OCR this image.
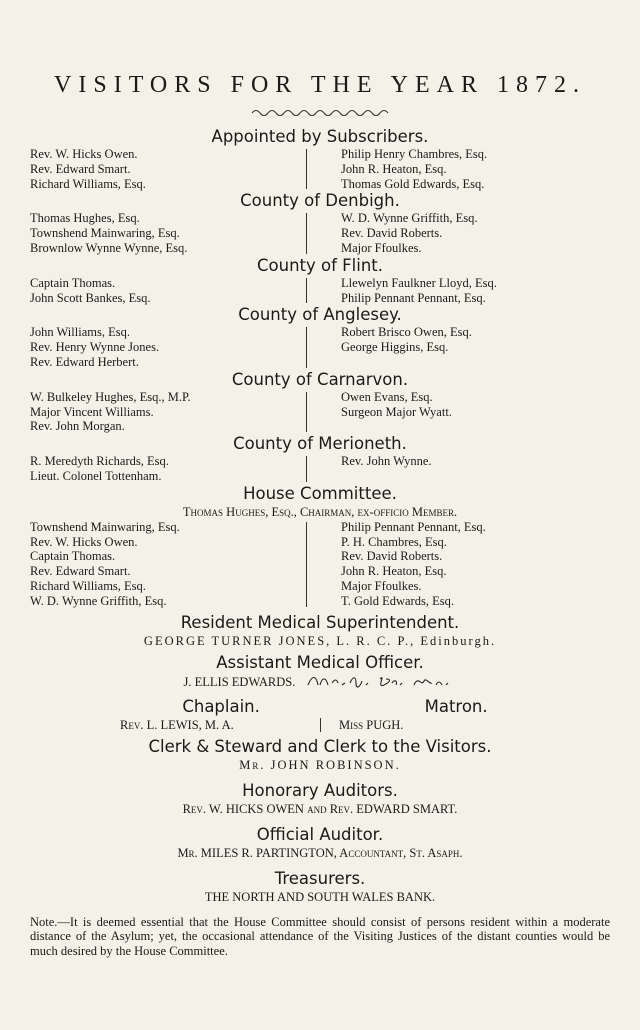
VISITORS FOR THE YEAR 1872.
Appointed by Subscribers.
Rev. W. Hicks Owen.
Rev. Edward Smart.
Richard Williams, Esq.
Philip Henry Chambres, Esq.
John R. Heaton, Esq.
Thomas Gold Edwards, Esq.
County of Denbigh.
Thomas Hughes, Esq.
Townshend Mainwaring, Esq.
Brownlow Wynne Wynne, Esq.
W. D. Wynne Griffith, Esq.
Rev. David Roberts.
Major Ffoulkes.
County of Flint.
Captain Thomas.
John Scott Bankes, Esq.
Llewelyn Faulkner Lloyd, Esq.
Philip Pennant Pennant, Esq.
County of Anglesey.
John Williams, Esq.
Rev. Henry Wynne Jones.
Rev. Edward Herbert.
Robert Brisco Owen, Esq.
George Higgins, Esq.
County of Carnarvon.
W. Bulkeley Hughes, Esq., M.P.
Major Vincent Williams.
Rev. John Morgan.
Owen Evans, Esq.
Surgeon Major Wyatt.
County of Merioneth.
R. Meredyth Richards, Esq.
Lieut. Colonel Tottenham.
Rev. John Wynne.
House Committee.
Thomas Hughes, Esq., Chairman, ex-officio Member.
Townshend Mainwaring, Esq.
Rev. W. Hicks Owen.
Captain Thomas.
Rev. Edward Smart.
Richard Williams, Esq.
W. D. Wynne Griffith, Esq.
Philip Pennant Pennant, Esq.
P. H. Chambres, Esq.
Rev. David Roberts.
John R. Heaton, Esq.
Major Ffoulkes.
T. Gold Edwards, Esq.
Resident Medical Superintendent.
GEORGE TURNER JONES, L. R. C. P., Edinburgh.
Assistant Medical Officer.
J. ELLIS EDWARDS.
Chaplain.	Matron.
Rev. L. LEWIS, M. A.	Miss PUGH.
Clerk & Steward and Clerk to the Visitors.
Mr. JOHN ROBINSON.
Honorary Auditors.
Rev. W. HICKS OWEN and Rev. EDWARD SMART.
Official Auditor.
Mr. MILES R. PARTINGTON, Accountant, St. Asaph.
Treasurers.
THE NORTH AND SOUTH WALES BANK.
Note.—It is deemed essential that the House Committee should consist of persons resident within a moderate distance of the Asylum; yet, the occasional attendance of the Visiting Justices of the distant counties would be much desired by the House Committee.
